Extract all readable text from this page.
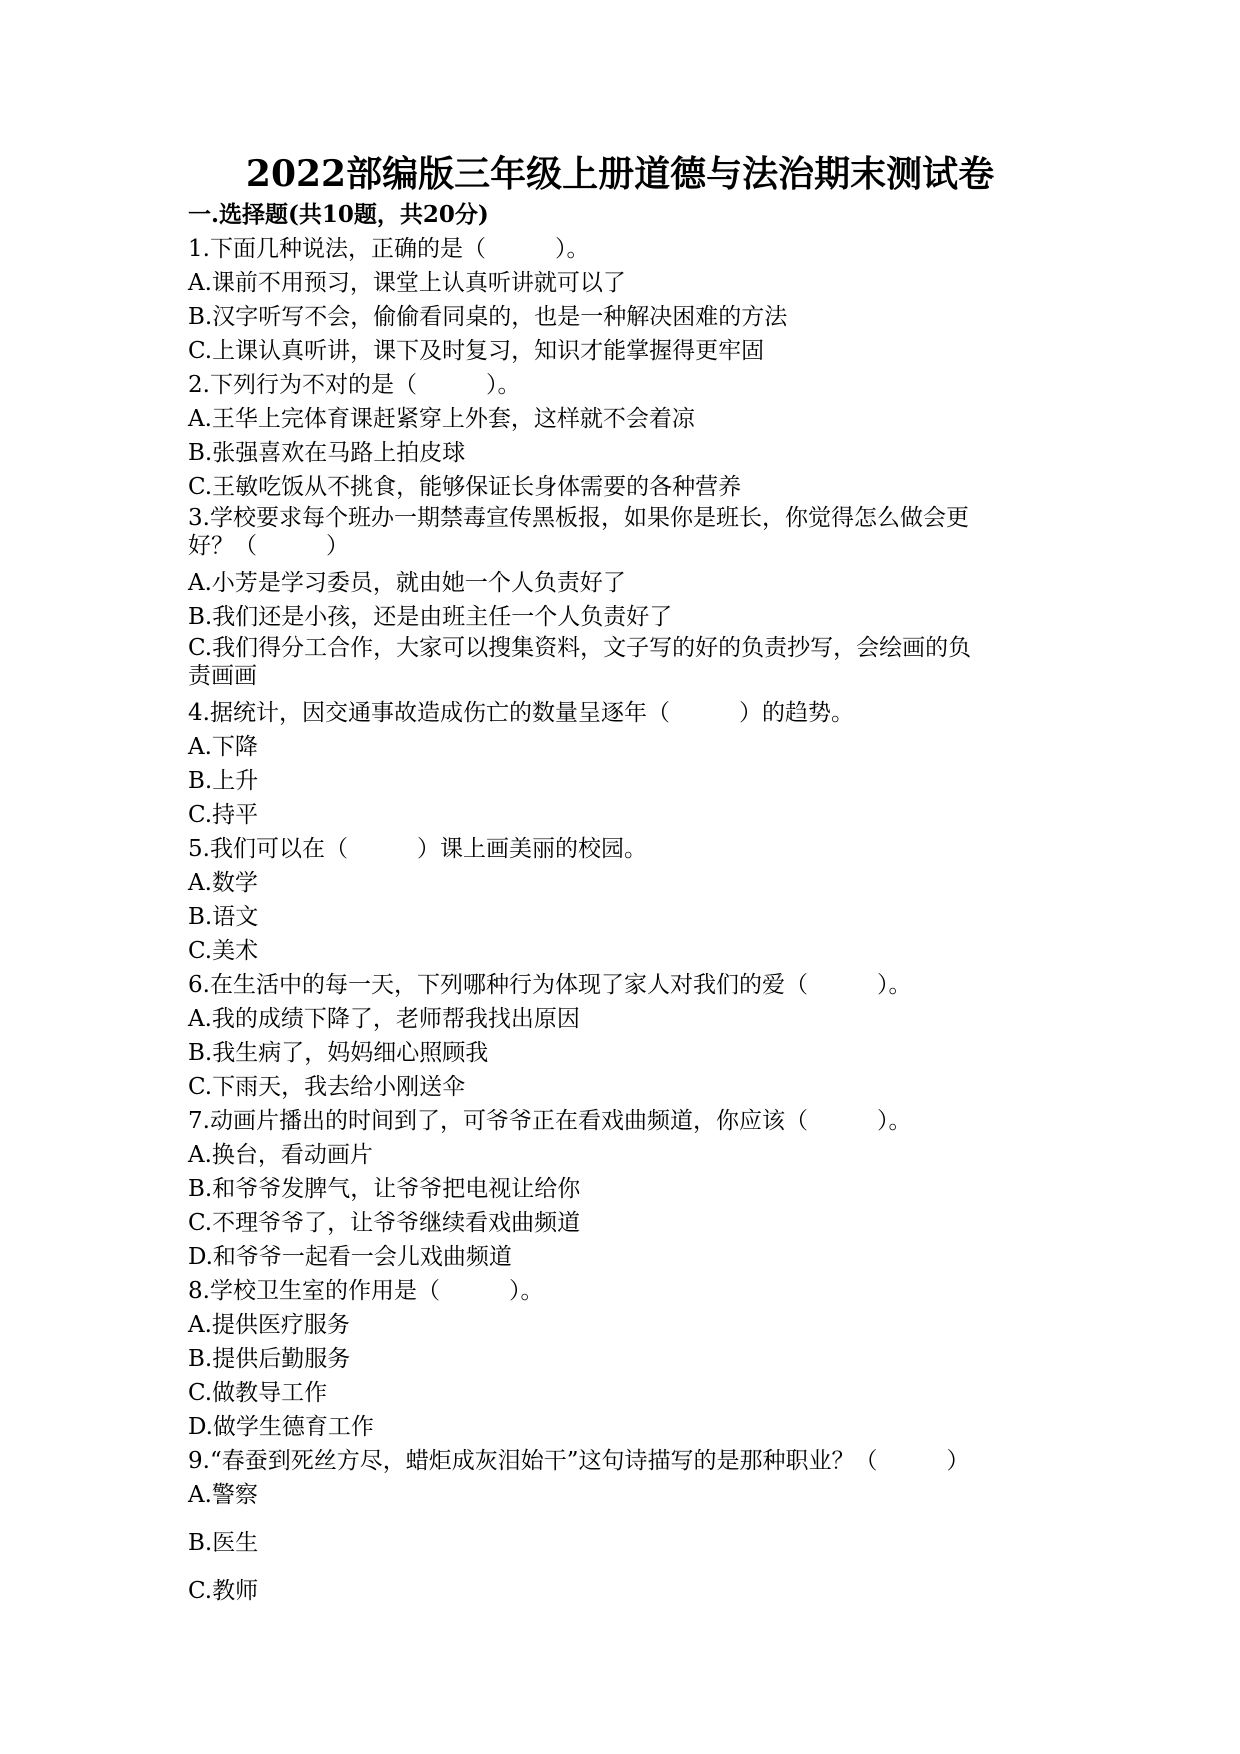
2022部编版三年级上册道德与法治期末测试卷
一.选择题(共10题，共20分)
1.下面几种说法，正确的是（　　　）。
A.课前不用预习，课堂上认真听讲就可以了
B.汉字听写不会，偷偷看同桌的，也是一种解决困难的方法
C.上课认真听讲，课下及时复习，知识才能掌握得更牢固
2.下列行为不对的是（　　　）。
A.王华上完体育课赶紧穿上外套，这样就不会着凉
B.张强喜欢在马路上拍皮球
C.王敏吃饭从不挑食，能够保证长身体需要的各种营养
3.学校要求每个班办一期禁毒宣传黑板报，如果你是班长，你觉得怎么做会更
好？（　　　）
A.小芳是学习委员，就由她一个人负责好了
B.我们还是小孩，还是由班主任一个人负责好了
C.我们得分工合作，大家可以搜集资料，文子写的好的负责抄写，会绘画的负
责画画
4.据统计，因交通事故造成伤亡的数量呈逐年（　　　）的趋势。
A.下降
B.上升
C.持平
5.我们可以在（　　　）课上画美丽的校园。
A.数学
B.语文
C.美术
6.在生活中的每一天，下列哪种行为体现了家人对我们的爱（　　　）。
A.我的成绩下降了，老师帮我找出原因
B.我生病了，妈妈细心照顾我
C.下雨天，我去给小刚送伞
7.动画片播出的时间到了，可爷爷正在看戏曲频道，你应该（　　　）。
A.换台，看动画片
B.和爷爷发脾气，让爷爷把电视让给你
C.不理爷爷了，让爷爷继续看戏曲频道
D.和爷爷一起看一会儿戏曲频道
8.学校卫生室的作用是（　　　）。
A.提供医疗服务
B.提供后勤服务
C.做教导工作
D.做学生德育工作
9.“春蚕到死丝方尽，蜡炬成灰泪始干”这句诗描写的是那种职业？（　　　）
A.警察
B.医生
C.教师
